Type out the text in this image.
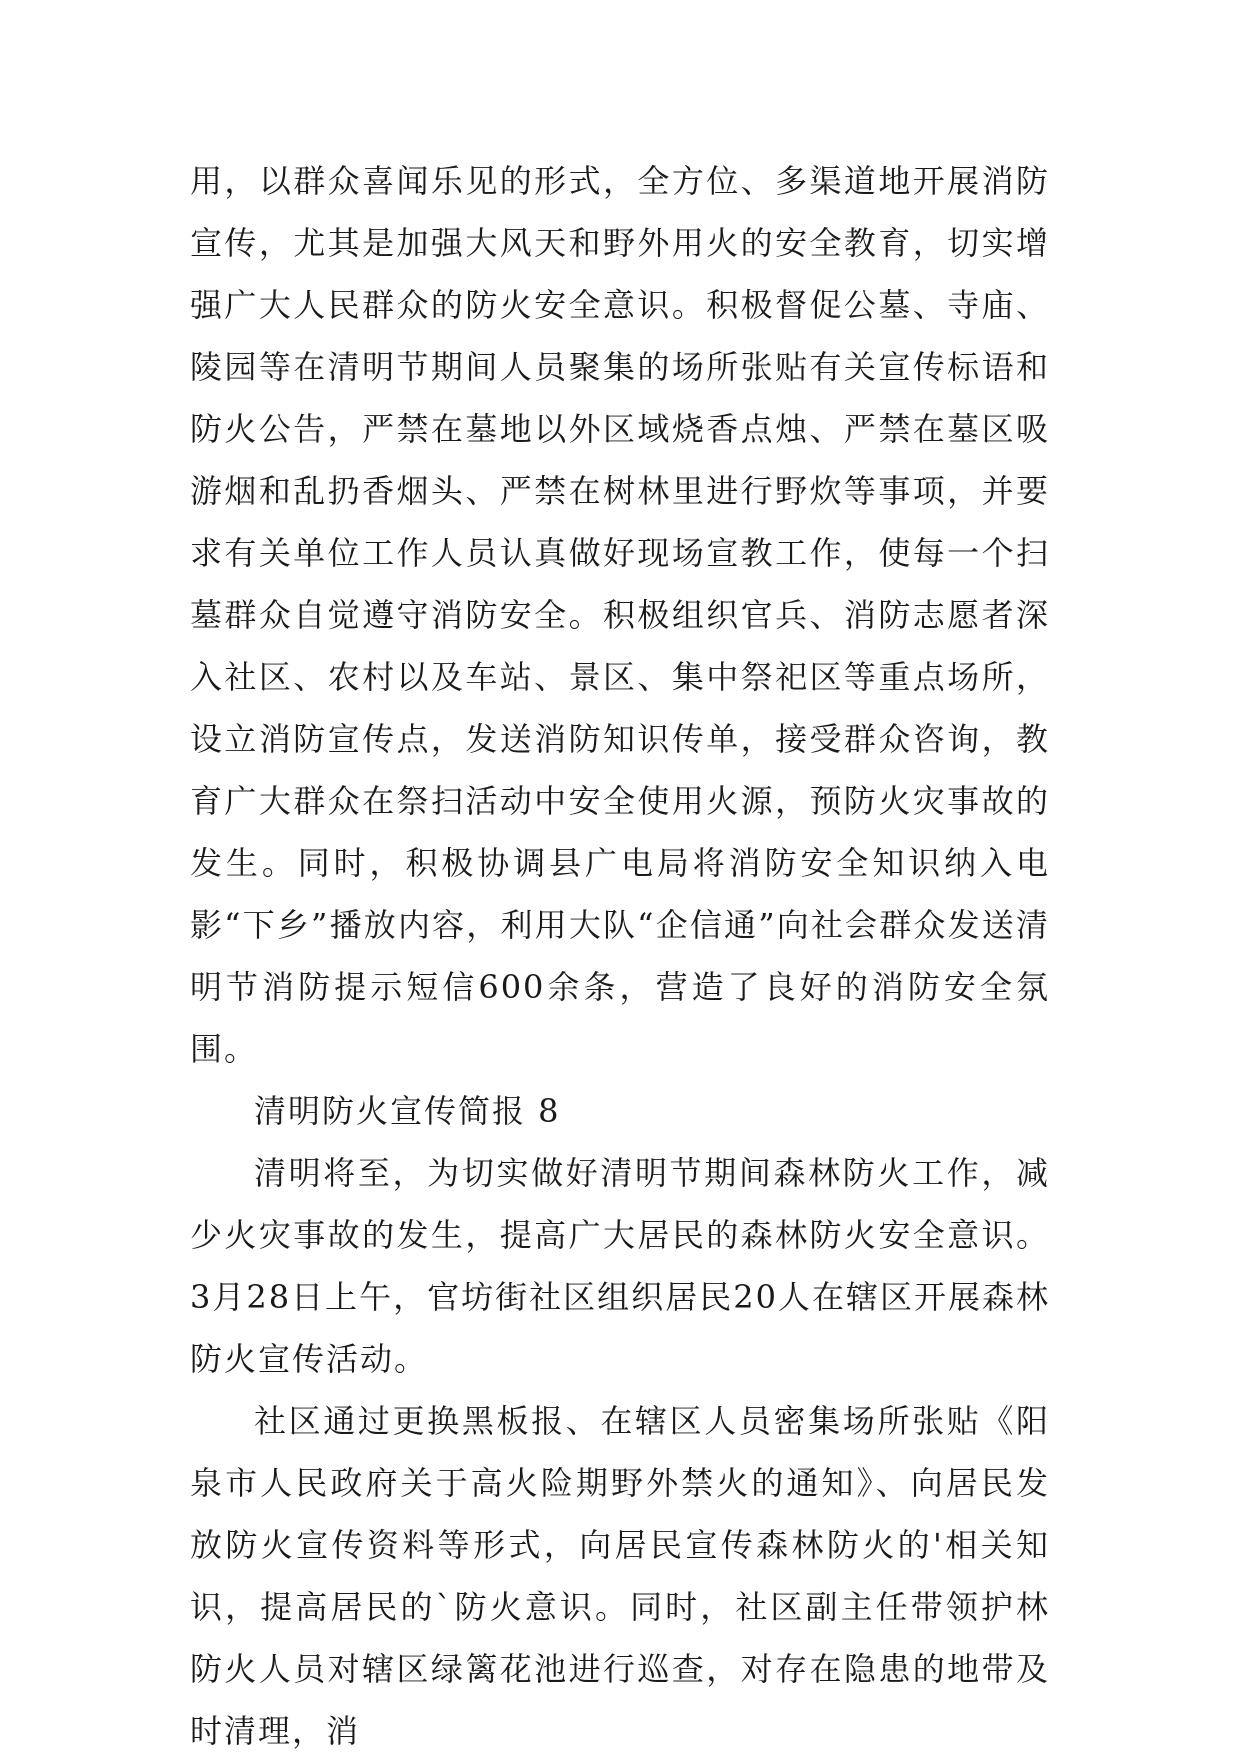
用，以群众喜闻乐见的形式，全方位、多渠道地开展消防宣传，尤其是加强大风天和野外用火的安全教育，切实增强广大人民群众的防火安全意识。积极督促公墓、寺庙、陵园等在清明节期间人员聚集的场所张贴有关宣传标语和防火公告，严禁在墓地以外区域烧香点烛、严禁在墓区吸游烟和乱扔香烟头、严禁在树林里进行野炊等事项，并要求有关单位工作人员认真做好现场宣教工作，使每一个扫墓群众自觉遵守消防安全。积极组织官兵、消防志愿者深入社区、农村以及车站、景区、集中祭祀区等重点场所，设立消防宣传点，发送消防知识传单，接受群众咨询，教育广大群众在祭扫活动中安全使用火源，预防火灾事故的发生。同时，积极协调县广电局将消防安全知识纳入电影“下乡”播放内容，利用大队“企信通”向社会群众发送清明节消防提示短信600余条，营造了良好的消防安全氛围。

清明防火宣传简报 8

清明将至，为切实做好清明节期间森林防火工作，减少火灾事故的发生，提高广大居民的森林防火安全意识。3月28日上午，官坊街社区组织居民20人在辖区开展森林防火宣传活动。

社区通过更换黑板报、在辖区人员密集场所张贴《阳泉市人民政府关于高火险期野外禁火的通知》、向居民发放防火宣传资料等形式，向居民宣传森林防火的'相关知识，提高居民的`防火意识。同时，社区副主任带领护林防火人员对辖区绿篱花池进行巡查，对存在隐患的地带及时清理，消
